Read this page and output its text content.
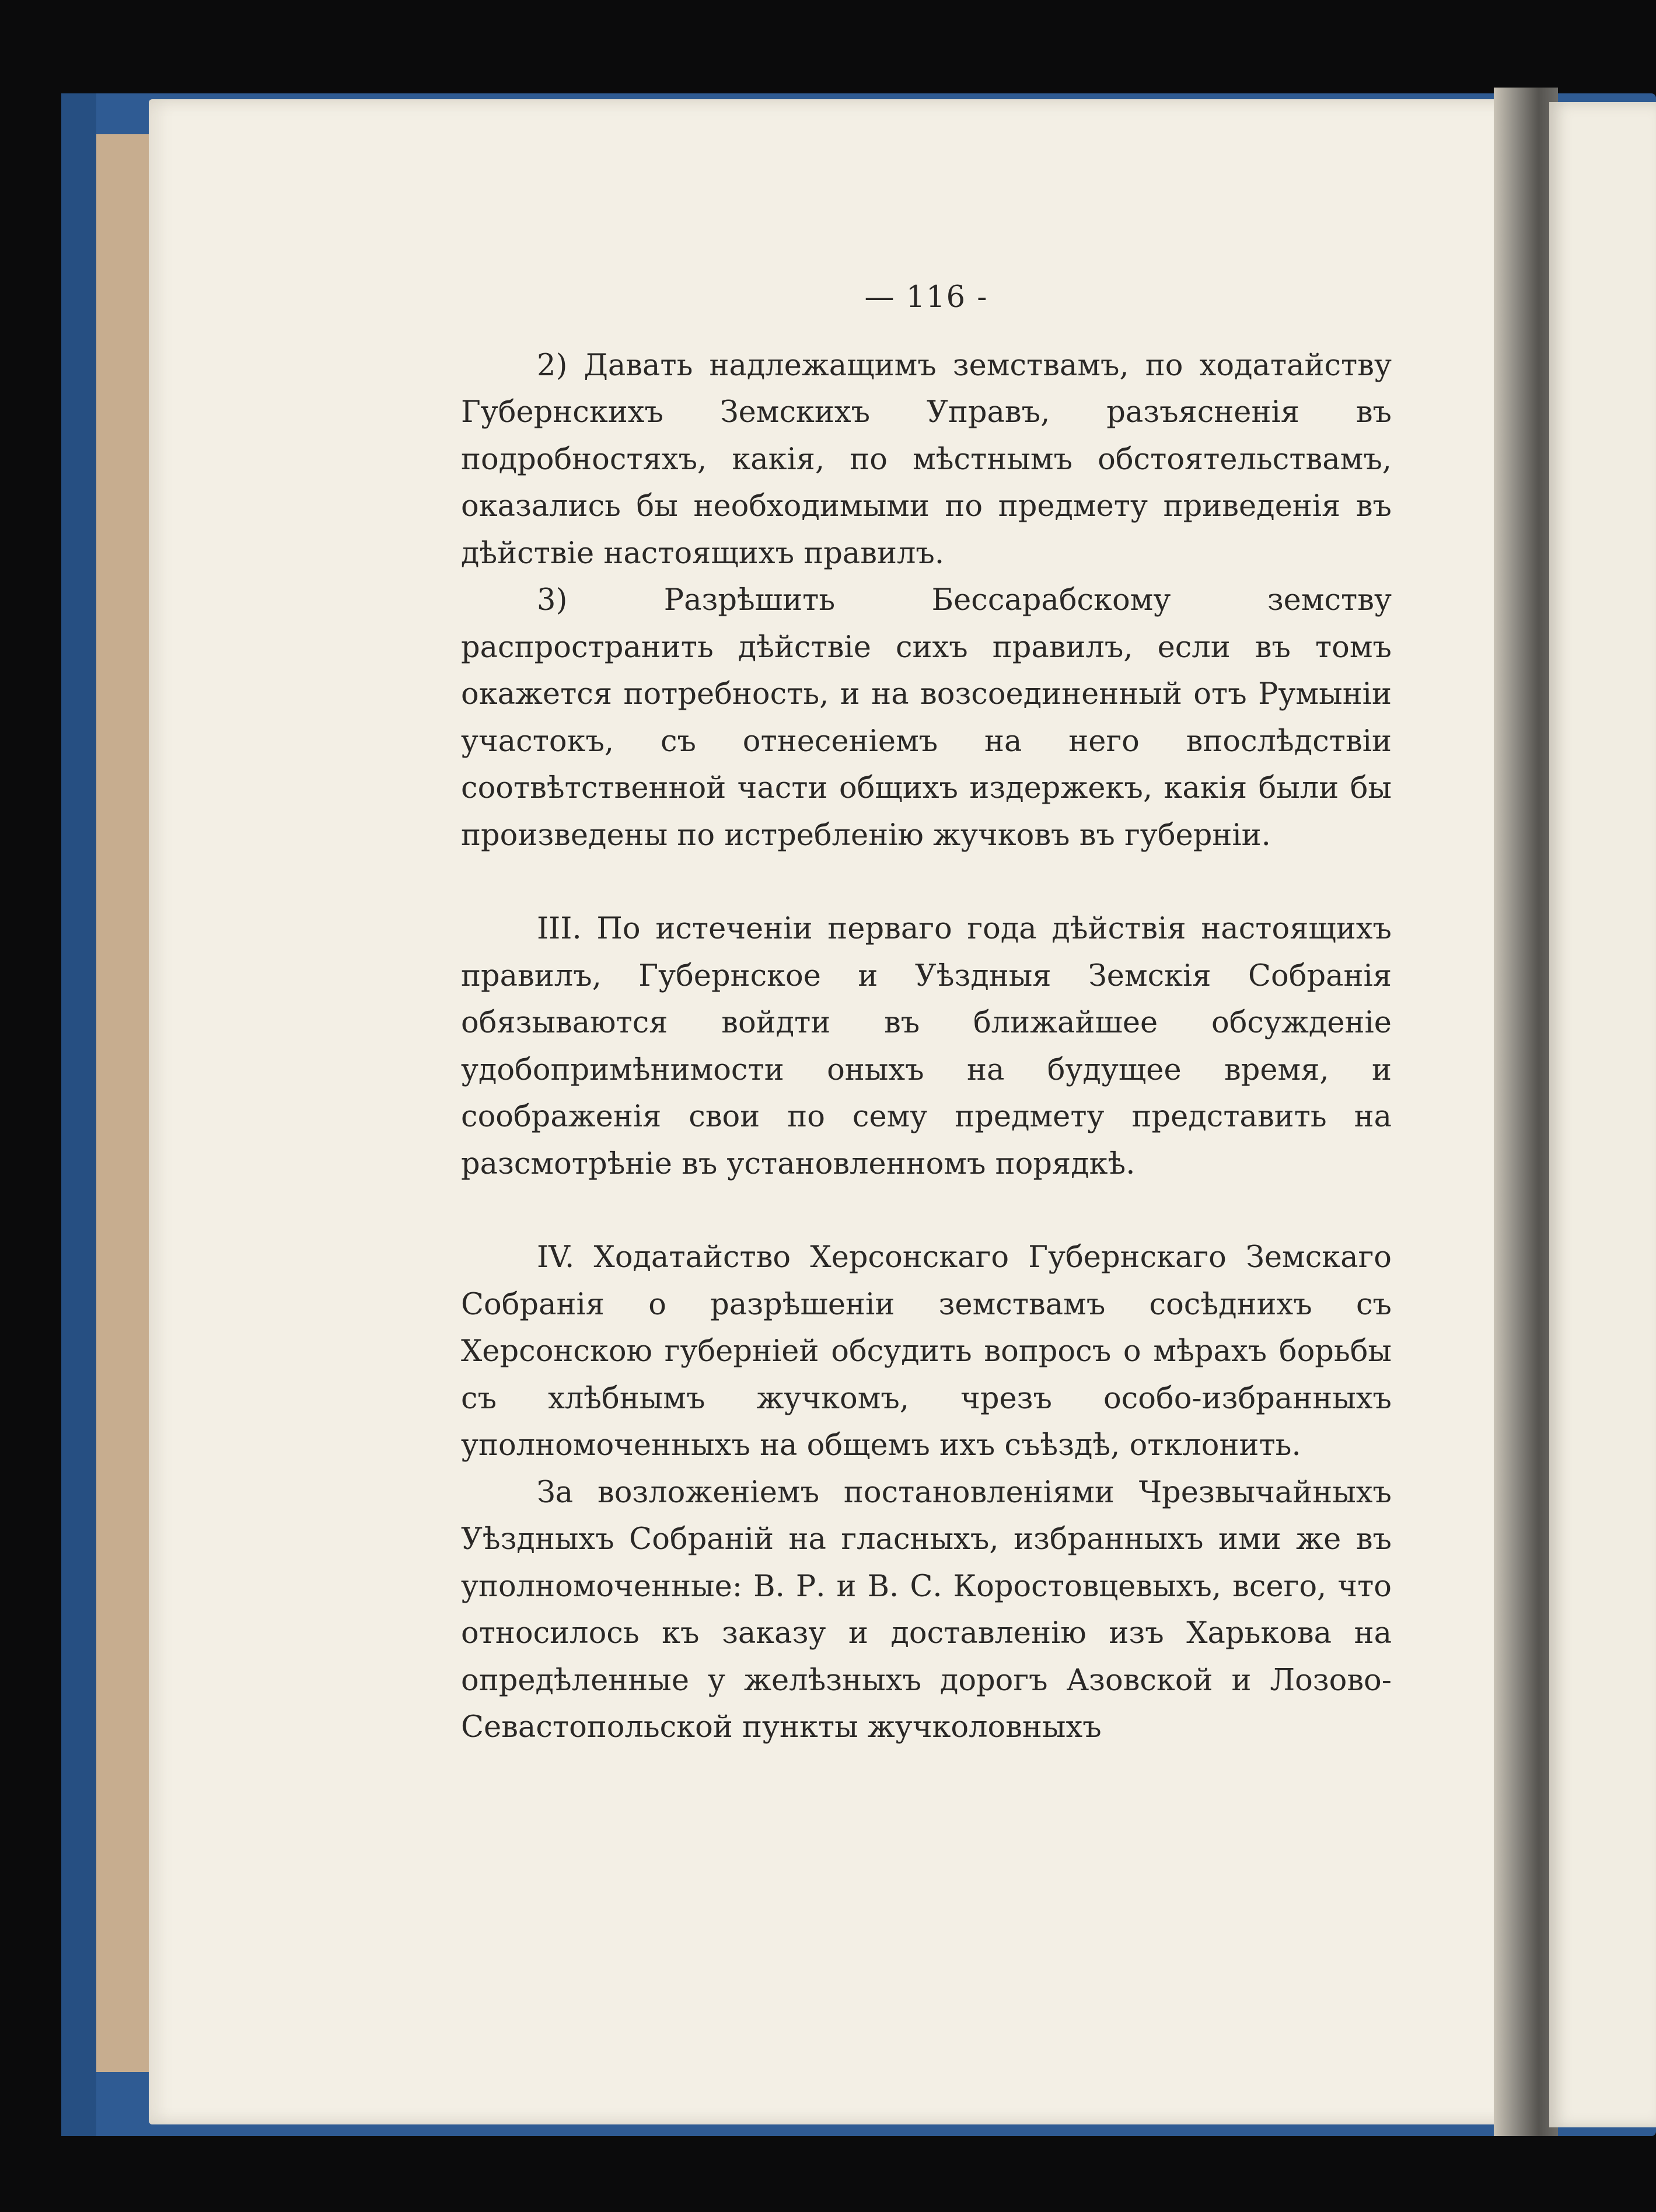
— 116 -

2) Давать надлежащимъ земствамъ, по ходатайству Губернскихъ Земскихъ Управъ, разъясненія въ подробностяхъ, какія, по мѣстнымъ обстоятельствамъ, оказались бы необходимыми по предмету приведенія въ дѣйствіе настоящихъ правилъ.

3) Разрѣшить Бессарабскому земству распространить дѣйствіе сихъ правилъ, если въ томъ окажется потребность, и на возсоединенный отъ Румыніи участокъ, съ отнесеніемъ на него впослѣдствіи соотвѣтственной части общихъ издержекъ, какія были бы произведены по истребленію жучковъ въ губерніи.

III. По истеченіи перваго года дѣйствія настоящихъ правилъ, Губернское и Уѣздныя Земскія Собранія обязываются войдти въ ближайшее обсужденіе удобопримѣнимости оныхъ на будущее время, и соображенія свои по сему предмету представить на разсмотрѣніе въ установленномъ порядкѣ.

IV. Ходатайство Херсонскаго Губернскаго Земскаго Собранія о разрѣшеніи земствамъ сосѣднихъ съ Херсонскою губерніей обсудить вопросъ о мѣрахъ борьбы съ хлѣбнымъ жучкомъ, чрезъ особо-избранныхъ уполномоченныхъ на общемъ ихъ съѣздѣ, отклонить.

За возложеніемъ постановленіями Чрезвычайныхъ Уѣздныхъ Собраній на гласныхъ, избранныхъ ими же въ уполномоченные: В. Р. и В. С. Коростовцевыхъ, всего, что относилось къ заказу и доставленію изъ Харькова на опредѣленные у желѣзныхъ дорогъ Азовской и Лозово-Севастопольской пункты жучколовныхъ
